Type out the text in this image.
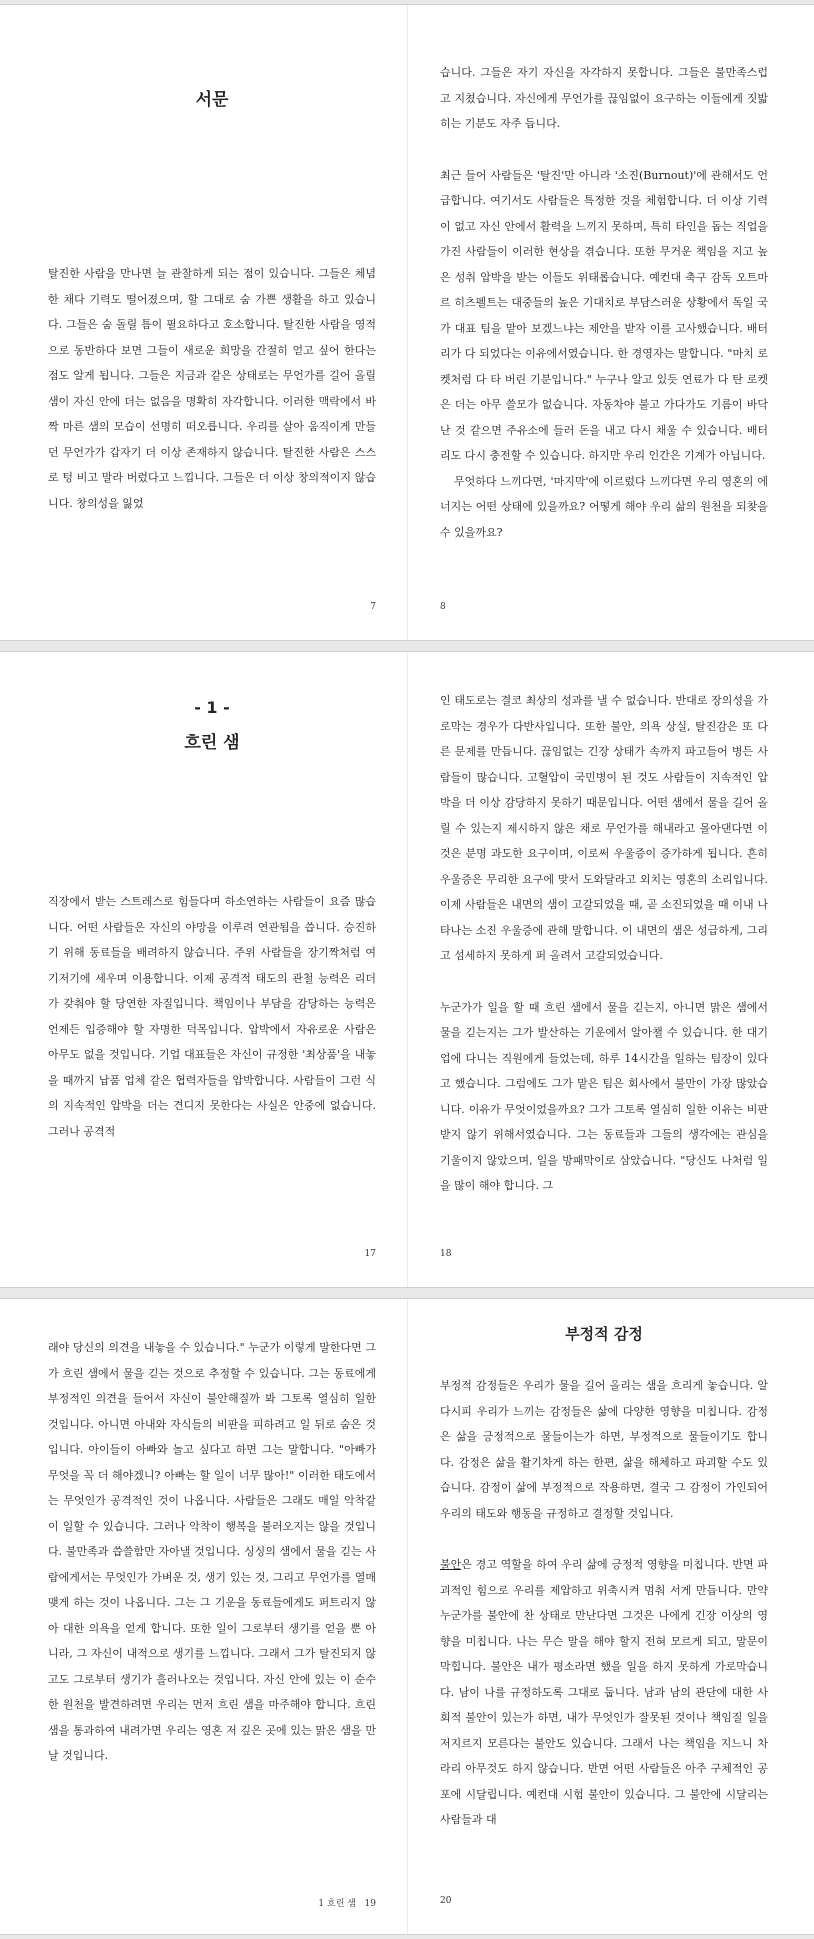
서문
탈진한 사람을 만나면 늘 관찰하게 되는 점이 있습니다. 그들은 체념한 채다 기력도 떨어졌으며, 할 그대로 숨 가쁜 생활을 하고 있습니다. 그들은 숨 돌릴 틈이 필요하다고 호소합니다. 탈진한 사람을 영적으로 동반하다 보면 그들이 새로운 희망을 간절히 얻고 싶어 한다는 점도 알게 됩니다. 그들은 지금과 같은 상태로는 무언가를 길어 올릴 샘이 자신 안에 더는 없음을 명확히 자각합니다. 이러한 맥락에서 바짝 마른 샘의 모습이 선명히 떠오릅니다. 우리를 살아 움직이게 만들던 무언가가 갑자기 더 이상 존재하지 않습니다. 탈진한 사람은 스스로 텅 비고 말라 버렸다고 느낍니다. 그들은 더 이상 창의적이지 않습니다. 창의성을 잃었
7

습니다. 그들은 자기 자신을 자각하지 못합니다. 그들은 불만족스럽고 지쳤습니다. 자신에게 무언가를 끊임없이 요구하는 이들에게 짓밟히는 기분도 자주 듭니다.

최근 들어 사람들은 '탈진'만 아니라 '소진(Burnout)'에 관해서도 언급합니다. 여기서도 사람들은 특정한 것을 체험합니다. 더 이상 기력이 없고 자신 안에서 활력을 느끼지 못하며, 특히 타인을 돕는 직업을 가진 사람들이 이러한 현상을 겪습니다. 또한 무거운 책임을 지고 높은 성취 압박을 받는 이들도 위태롭습니다. 예컨대 축구 감독 오트마르 히츠펠트는 대중들의 높은 기대치로 부담스러운 상황에서 독일 국가 대표 팀을 맡아 보겠느냐는 제안을 받자 이를 고사했습니다. 배터리가 다 되었다는 이유에서였습니다. 한 경영자는 말합니다. "마치 로켓처럼 다 타 버린 기분입니다." 누구나 알고 있듯 연료가 다 탄 로켓은 더는 아무 쓸모가 없습니다. 자동차야 불고 가다가도 기름이 바닥난 것 같으면 주유소에 들러 돈을 내고 다시 채울 수 있습니다. 배터리도 다시 충전할 수 있습니다. 하지만 우리 인간은 기계가 아닙니다.

무엇하다 느끼다면, '마지막'에 이르렀다 느끼다면 우리 영혼의 에너지는 어떤 상태에 있을까요? 어떻게 해야 우리 삶의 원천을 되찾을 수 있을까요?

8
- 1 -
흐린 샘
직장에서 받는 스트레스로 힘들다며 하소연하는 사람들이 요즘 많습니다. 어떤 사람들은 자신의 야망을 이루려 연관됨을 씁니다. 승진하기 위해 동료들을 배려하지 않습니다. 주위 사람들을 장기짝처럼 여기저기에 세우며 이용합니다. 이제 공격적 태도의 관철 능력은 리더가 갖춰야 할 당연한 자질입니다. 책임이나 부담을 감당하는 능력은 언제든 입증해야 할 자명한 덕목입니다. 압박에서 자유로운 사람은 아무도 없을 것입니다. 기업 대표들은 자신이 규정한 '최상품'을 내놓을 때까지 납품 업체 같은 협력자들을 압박합니다. 사람들이 그런 식의 지속적인 압박을 더는 견디지 못한다는 사실은 안중에 없습니다. 그러나 공격적
17

인 태도로는 결코 최상의 성과를 낼 수 없습니다. 반대로 장의성을 가로막는 경우가 다반사입니다. 또한 불안, 의욕 상실, 탈진감은 또 다른 문제를 만듭니다. 끊임없는 긴장 상태가 속까지 파고들어 병든 사람들이 많습니다. 고혈압이 국민병이 된 것도 사람들이 지속적인 압박을 더 이상 감당하지 못하기 때문입니다. 어떤 샘에서 물을 길어 올릴 수 있는지 제시하지 않은 채로 무언가를 해내라고 몰아댄다면 이것은 분명 과도한 요구이며, 이로써 우울증이 증가하게 됩니다. 흔히 우울증은 무리한 요구에 맞서 도와달라고 외치는 영혼의 소리입니다. 이제 사람들은 내면의 샘이 고갈되었을 때, 곧 소진되었을 때 이내 나타나는 소진 우울증에 관해 말합니다. 이 내면의 샘은 성급하게, 그리고 섬세하지 못하게 퍼 올려서 고갈되었습니다.

누군가가 일을 할 때 흐린 샘에서 물을 긷는지, 아니면 맑은 샘에서 물을 긷는지는 그가 발산하는 기운에서 알아챌 수 있습니다. 한 대기업에 다니는 직원에게 들었는데, 하루 14시간을 일하는 팀장이 있다고 했습니다. 그럼에도 그가 맡은 팀은 회사에서 불만이 가장 많았습니다. 이유가 무엇이었을까요? 그가 그토록 열심히 일한 이유는 비판받지 않기 위해서였습니다. 그는 동료들과 그들의 생각에는 관심을 기울이지 않았으며, 일을 방패막이로 삼았습니다. "당신도 나처럼 일을 많이 해야 합니다. 그

18
래야 당신의 의견을 내놓을 수 있습니다." 누군가 이렇게 말한다면 그가 흐린 샘에서 물을 긷는 것으로 추정할 수 있습니다. 그는 동료에게 부정적인 의견을 들어서 자신이 불안해질까 봐 그토록 열심히 일한 것입니다. 아니면 아내와 자식들의 비판을 피하려고 일 뒤로 숨은 것입니다. 아이들이 아빠와 놀고 싶다고 하면 그는 말합니다. "아빠가 무엇을 꼭 더 해야겠니? 아빠는 할 일이 너무 많아!" 이러한 태도에서는 무엇인가 공격적인 것이 나옵니다. 사람들은 그래도 매일 악착같이 일할 수 있습니다. 그러나 악착이 행복을 불러오지는 않을 것입니다. 불만족과 씁쓸함만 자아낼 것입니다. 싱싱의 샘에서 물을 긷는 사람에게서는 무엇인가 가벼운 것, 생기 있는 것, 그리고 무언가를 열매 맺게 하는 것이 나옵니다. 그는 그 기운을 동료들에게도 퍼트리지 않아 대한 의욕을 얻게 합니다. 또한 일이 그로부터 생기를 얻을 뿐 아니라, 그 자신이 내적으로 생기를 느낍니다. 그래서 그가 탈진되지 않고도 그로부터 생기가 흘러나오는 것입니다. 자신 안에 있는 이 순수한 원천을 발견하려면 우리는 먼저 흐린 샘을 마주해야 합니다. 흐린 샘을 통과하여 내려가면 우리는 영혼 저 깊은 곳에 있는 맑은 샘을 만날 것입니다.
1 흐린 샘 19
부정적 감정

부정적 감정들은 우리가 물을 길어 올리는 샘을 흐리게 놓습니다. 알다시피 우리가 느끼는 감정들은 삶에 다양한 영향을 미칩니다. 감정은 삶을 긍정적으로 물들이는가 하면, 부정적으로 물들이기도 합니다. 감정은 삶을 활기차게 하는 한편, 삶을 해체하고 파괴할 수도 있습니다. 감정이 삶에 부정적으로 작용하면, 결국 그 감정이 가인되어 우리의 태도와 행동을 규정하고 결정할 것입니다.

불안은 경고 역할을 하여 우리 삶에 긍정적 영향을 미칩니다. 반면 파괴적인 힘으로 우리를 제압하고 위축시켜 멈춰 서게 만듭니다. 만약 누군가를 불안에 찬 상태로 만난다면 그것은 나에게 긴장 이상의 영향을 미칩니다. 나는 무슨 말을 해야 할지 전혀 모르게 되고, 말문이 막힙니다. 불안은 내가 평소라면 했을 일을 하지 못하게 가로막습니다. 남이 나를 규정하도록 그대로 둡니다. 남과 남의 관단에 대한 사회적 불안이 있는가 하면, 내가 무엇인가 잘못된 것이나 책임질 일을 저지르지 모른다는 불안도 있습니다. 그래서 나는 책임을 지느니 차라리 아무것도 하지 않습니다. 반면 어떤 사람들은 아주 구체적인 공포에 시달립니다. 예컨대 시험 불안이 있습니다. 그 불안에 시달리는 사람들과 대

20
